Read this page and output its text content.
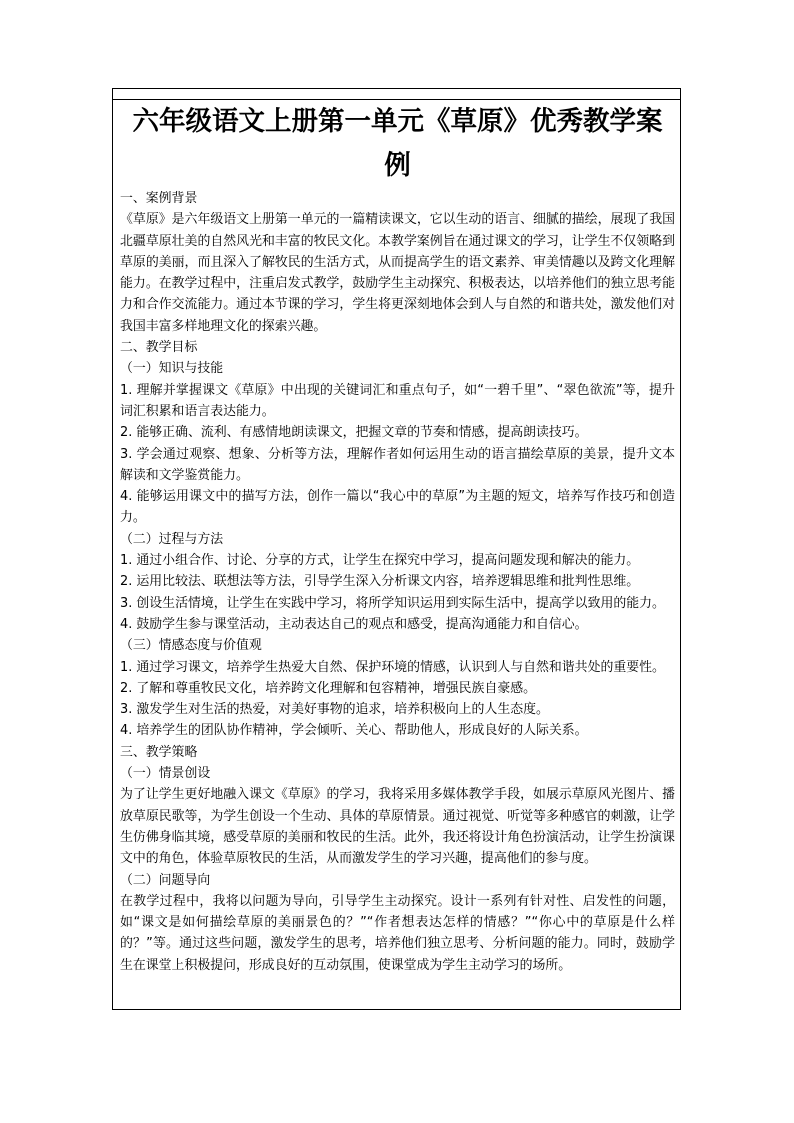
六年级语文上册第一单元《草原》优秀教学案例
一、案例背景

《草原》是六年级语文上册第一单元的一篇精读课文，它以生动的语言、细腻的描绘，展现了我国北疆草原壮美的自然风光和丰富的牧民文化。本教学案例旨在通过课文的学习，让学生不仅领略到草原的美丽，而且深入了解牧民的生活方式，从而提高学生的语文素养、审美情趣以及跨文化理解能力。在教学过程中，注重启发式教学，鼓励学生主动探究、积极表达，以培养他们的独立思考能力和合作交流能力。通过本节课的学习，学生将更深刻地体会到人与自然的和谐共处，激发他们对我国丰富多样地理文化的探索兴趣。

二、教学目标
（一）知识与技能

1. 理解并掌握课文《草原》中出现的关键词汇和重点句子，如“一碧千里”、“翠色欲流”等，提升词汇积累和语言表达能力。

2. 能够正确、流利、有感情地朗读课文，把握文章的节奏和情感，提高朗读技巧。

3. 学会通过观察、想象、分析等方法，理解作者如何运用生动的语言描绘草原的美景，提升文本解读和文学鉴赏能力。

4. 能够运用课文中的描写方法，创作一篇以“我心中的草原”为主题的短文，培养写作技巧和创造力。

（二）过程与方法

1. 通过小组合作、讨论、分享的方式，让学生在探究中学习，提高问题发现和解决的能力。

2. 运用比较法、联想法等方法，引导学生深入分析课文内容，培养逻辑思维和批判性思维。

3. 创设生活情境，让学生在实践中学习，将所学知识运用到实际生活中，提高学以致用的能力。

4. 鼓励学生参与课堂活动，主动表达自己的观点和感受，提高沟通能力和自信心。

（三）情感态度与价值观

1. 通过学习课文，培养学生热爱大自然、保护环境的情感，认识到人与自然和谐共处的重要性。

2. 了解和尊重牧民文化，培养跨文化理解和包容精神，增强民族自豪感。

3. 激发学生对生活的热爱，对美好事物的追求，培养积极向上的人生态度。

4. 培养学生的团队协作精神，学会倾听、关心、帮助他人，形成良好的人际关系。

三、教学策略
（一）情景创设

为了让学生更好地融入课文《草原》的学习，我将采用多媒体教学手段，如展示草原风光图片、播放草原民歌等，为学生创设一个生动、具体的草原情景。通过视觉、听觉等多种感官的刺激，让学生仿佛身临其境，感受草原的美丽和牧民的生活。此外，我还将设计角色扮演活动，让学生扮演课文中的角色，体验草原牧民的生活，从而激发学生的学习兴趣，提高他们的参与度。

（二）问题导向

在教学过程中，我将以问题为导向，引导学生主动探究。设计一系列有针对性、启发性的问题，如“课文是如何描绘草原的美丽景色的？”“作者想表达怎样的情感？”“你心中的草原是什么样的？”等。通过这些问题，激发学生的思考，培养他们独立思考、分析问题的能力。同时，鼓励学生在课堂上积极提问，形成良好的互动氛围，使课堂成为学生主动学习的场所。
